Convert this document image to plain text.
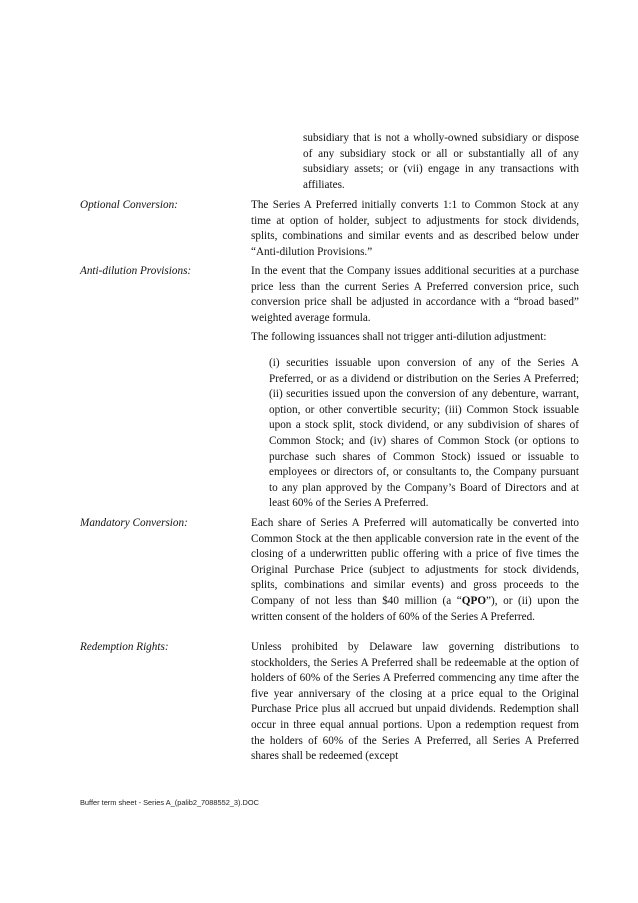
subsidiary that is not a wholly-owned subsidiary or dispose of any subsidiary stock or all or substantially all of any subsidiary assets; or (vii) engage in any transactions with affiliates.

Optional Conversion:	The Series A Preferred initially converts 1:1 to Common Stock at any time at option of holder, subject to adjustments for stock dividends, splits, combinations and similar events and as described below under “Anti-dilution Provisions.”

Anti-dilution Provisions:	In the event that the Company issues additional securities at a purchase price less than the current Series A Preferred conversion price, such conversion price shall be adjusted in accordance with a “broad based” weighted average formula.

The following issuances shall not trigger anti-dilution adjustment:

(i) securities issuable upon conversion of any of the Series A Preferred, or as a dividend or distribution on the Series A Preferred; (ii) securities issued upon the conversion of any debenture, warrant, option, or other convertible security; (iii) Common Stock issuable upon a stock split, stock dividend, or any subdivision of shares of Common Stock; and (iv) shares of Common Stock (or options to purchase such shares of Common Stock) issued or issuable to employees or directors of, or consultants to, the Company pursuant to any plan approved by the Company’s Board of Directors and at least 60% of the Series A Preferred.

Mandatory Conversion:	Each share of Series A Preferred will automatically be converted into Common Stock at the then applicable conversion rate in the event of the closing of a underwritten public offering with a price of five times the Original Purchase Price (subject to adjustments for stock dividends, splits, combinations and similar events) and gross proceeds to the Company of not less than $40 million (a “QPO”), or (ii) upon the written consent of the holders of 60% of the Series A Preferred.

Redemption Rights:	Unless prohibited by Delaware law governing distributions to stockholders, the Series A Preferred shall be redeemable at the option of holders of 60% of the Series A Preferred commencing any time after the five year anniversary of the closing at a price equal to the Original Purchase Price plus all accrued but unpaid dividends. Redemption shall occur in three equal annual portions. Upon a redemption request from the holders of 60% of the Series A Preferred, all Series A Preferred shares shall be redeemed (except

Buffer term sheet - Series A_(palib2_7088552_3).DOC
